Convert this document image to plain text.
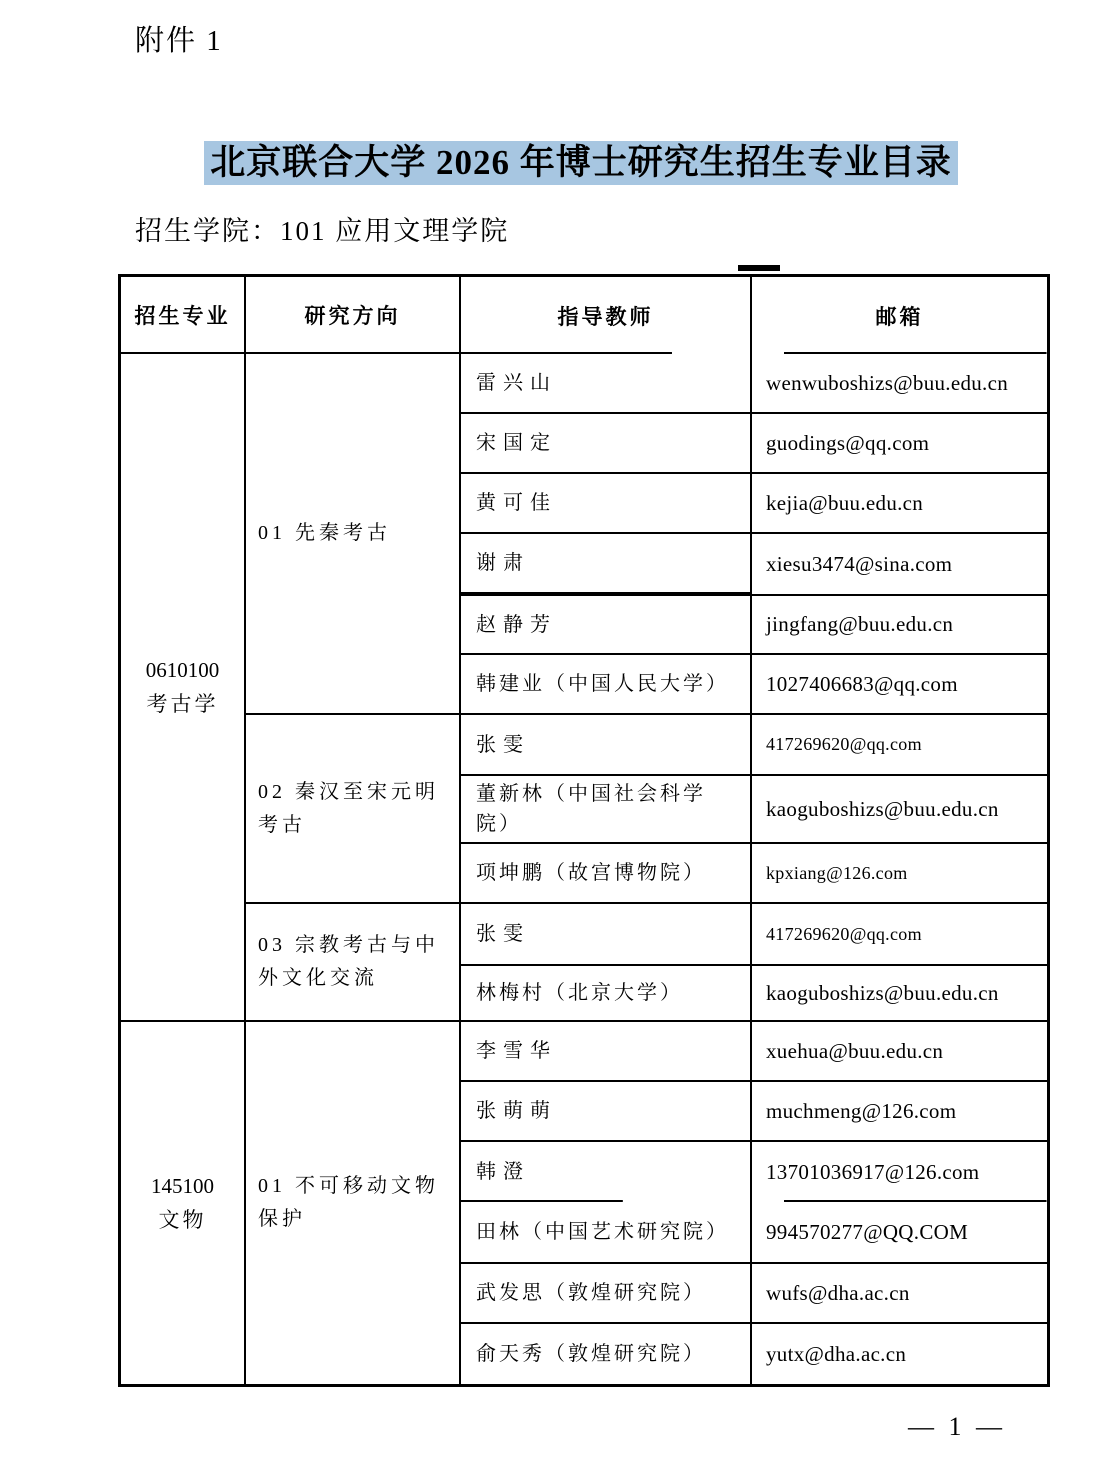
附件 1
北京联合大学 2026 年博士研究生招生专业目录
招生学院：101 应用文理学院
招生专业	研究方向	指导教师	邮箱

0610100
考古学	01 先秦考古	雷兴山	wenwuboshizs@buu.edu.cn
		宋国定	guodings@qq.com
		黄可佳	kejia@buu.edu.cn
		谢肃	xiesu3474@sina.com
		赵静芳	jingfang@buu.edu.cn
		韩建业（中国人民大学）	1027406683@qq.com
	02 秦汉至宋元明考古	张雯	417269620@qq.com
		董新林（中国社会科学院）	kaoguboshizs@buu.edu.cn
		项坤鹏（故宫博物院）	kpxiang@126.com
	03 宗教考古与中外文化交流	张雯	417269620@qq.com
		林梅村（北京大学）	kaoguboshizs@buu.edu.cn

145100
文物	01 不可移动文物保护	李雪华	xuehua@buu.edu.cn
		张萌萌	muchmeng@126.com
		韩澄	13701036917@126.com
		田林（中国艺术研究院）	994570277@QQ.COM
		武发思（敦煌研究院）	wufs@dha.ac.cn
		俞天秀（敦煌研究院）	yutx@dha.ac.cn
— 1 —
